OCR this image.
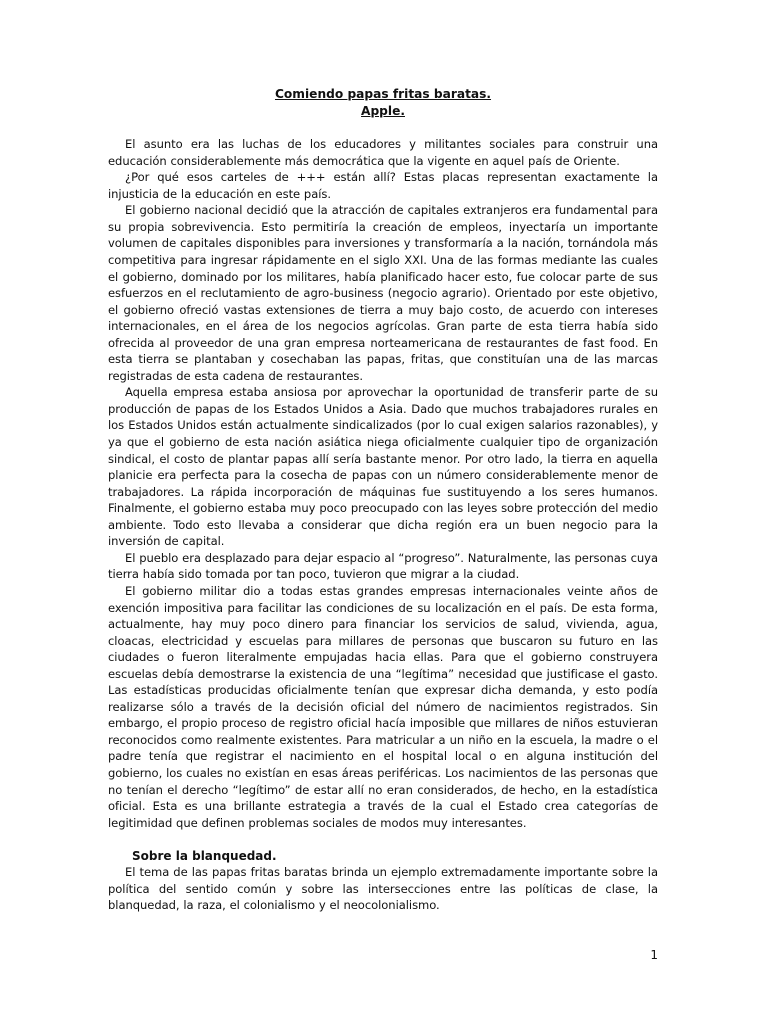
Comiendo papas fritas baratas.

Apple.

El asunto era las luchas de los educadores y militantes sociales para construir una educación considerablemente más democrática que la vigente en aquel país de Oriente.

¿Por qué esos carteles de +++ están allí? Estas placas representan exactamente la injusticia de la educación en este país.

El gobierno nacional decidió que la atracción de capitales extranjeros era fundamental para su propia sobrevivencia. Esto permitiría la creación de empleos, inyectaría un importante volumen de capitales disponibles para inversiones y transformaría a la nación, tornándola más competitiva para ingresar rápidamente en el siglo XXI. Una de las formas mediante las cuales el gobierno, dominado por los militares, había planificado hacer esto, fue colocar parte de sus esfuerzos en el reclutamiento de agro-business (negocio agrario). Orientado por este objetivo, el gobierno ofreció vastas extensiones de tierra a muy bajo costo, de acuerdo con intereses internacionales, en el área de los negocios agrícolas. Gran parte de esta tierra había sido ofrecida al proveedor de una gran empresa norteamericana de restaurantes de fast food. En esta tierra se plantaban y cosechaban las papas, fritas, que constituían una de las marcas registradas de esta cadena de restaurantes.

Aquella empresa estaba ansiosa por aprovechar la oportunidad de transferir parte de su producción de papas de los Estados Unidos a Asia. Dado que muchos trabajadores rurales en los Estados Unidos están actualmente sindicalizados (por lo cual exigen salarios razonables), y ya que el gobierno de esta nación asiática niega oficialmente cualquier tipo de organización sindical, el costo de plantar papas allí sería bastante menor. Por otro lado, la tierra en aquella planicie era perfecta para la cosecha de papas con un número considerablemente menor de trabajadores. La rápida incorporación de máquinas fue sustituyendo a los seres humanos. Finalmente, el gobierno estaba muy poco preocupado con las leyes sobre protección del medio ambiente. Todo esto llevaba a considerar que dicha región era un buen negocio para la inversión de capital.

El pueblo era desplazado para dejar espacio al “progreso”. Naturalmente, las personas cuya tierra había sido tomada por tan poco, tuvieron que migrar a la ciudad.

El gobierno militar dio a todas estas grandes empresas internacionales veinte años de exención impositiva para facilitar las condiciones de su localización en el país. De esta forma, actualmente, hay muy poco dinero para financiar los servicios de salud, vivienda, agua, cloacas, electricidad y escuelas para millares de personas que buscaron su futuro en las ciudades o fueron literalmente empujadas hacia ellas. Para que el gobierno construyera escuelas debía demostrarse la existencia de una “legítima” necesidad que justificase el gasto. Las estadísticas producidas oficialmente tenían que expresar dicha demanda, y esto podía realizarse sólo a través de la decisión oficial del número de nacimientos registrados. Sin embargo, el propio proceso de registro oficial hacía imposible que millares de niños estuvieran reconocidos como realmente existentes. Para matricular a un niño en la escuela, la madre o el padre tenía que registrar el nacimiento en el hospital local o en alguna institución del gobierno, los cuales no existían en esas áreas periféricas. Los nacimientos de las personas que no tenían el derecho “legítimo” de estar allí no eran considerados, de hecho, en la estadística oficial. Esta es una brillante estrategia a través de la cual el Estado crea categorías de legitimidad que definen problemas sociales de modos muy interesantes.

Sobre la blanquedad.

El tema de las papas fritas baratas brinda un ejemplo extremadamente importante sobre la política del sentido común y sobre las intersecciones entre las políticas de clase, la blanquedad, la raza, el colonialismo y el neocolonialismo.

1
